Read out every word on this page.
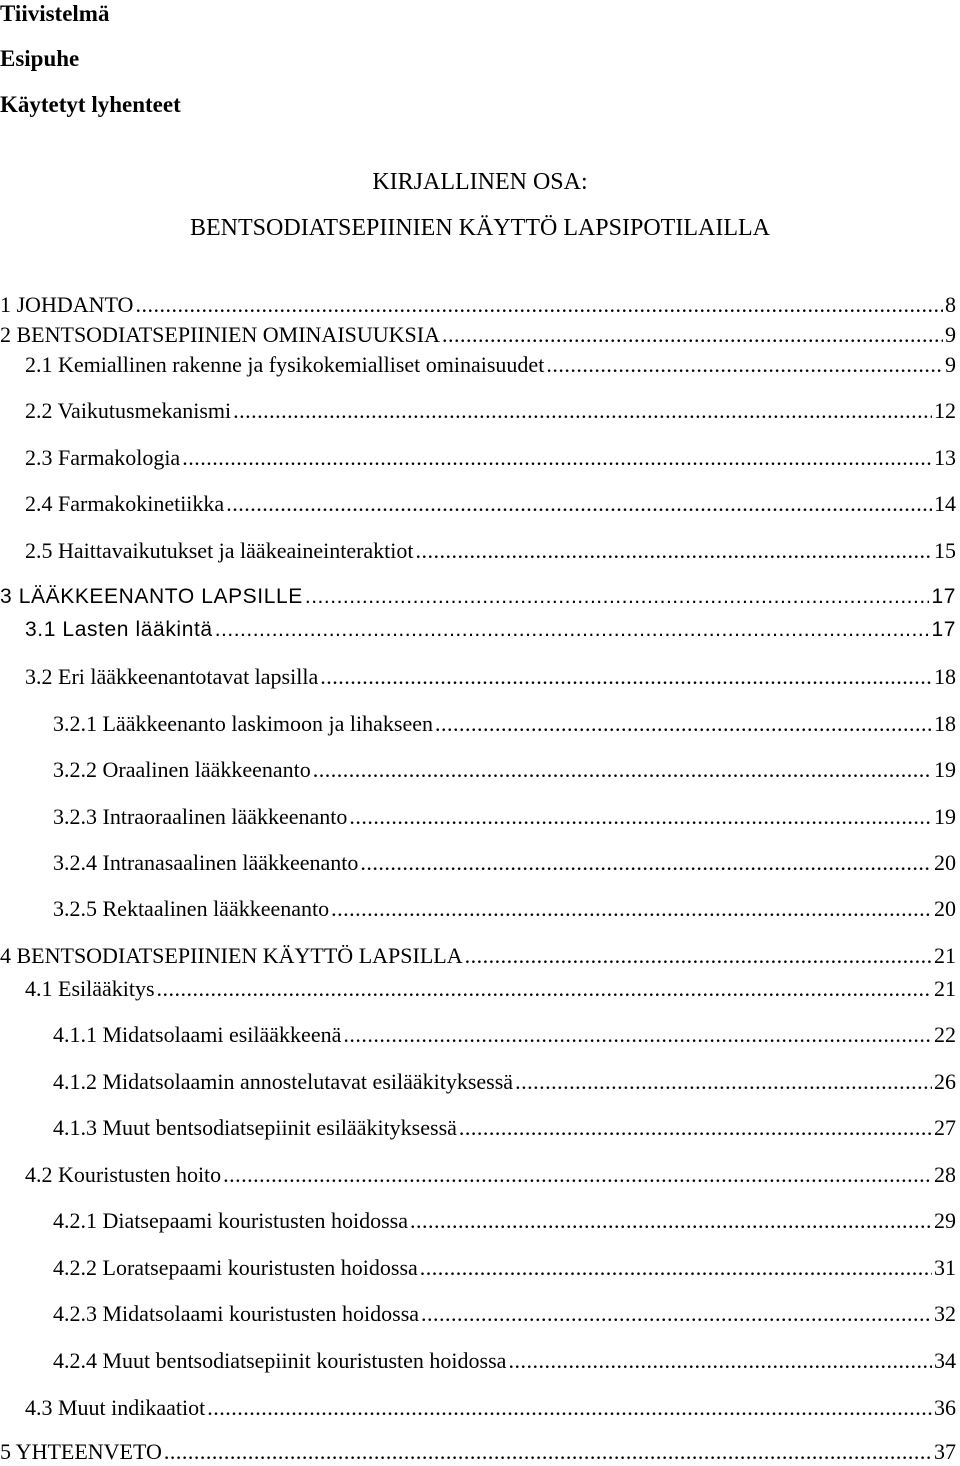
Tiivistelmä
Esipuhe
Käytetyt lyhenteet
KIRJALLINEN OSA:
BENTSODIATSEPIINIEN KÄYTTÖ LAPSIPOTILAILLA
1 JOHDANTO .....	8
2 BENTSODIATSEPIINIEN OMINAISUUKSIA .....	9
2.1 Kemiallinen rakenne ja fysikokemialliset ominaisuudet .....	9
2.2 Vaikutusmekanismi .....	12
2.3 Farmakologia .....	13
2.4 Farmakokinetiikka .....	14
2.5 Haittavaikutukset ja lääkeaineinteraktiot .....	15
3 LÄÄKKEENANTO LAPSILLE .....	17
3.1 Lasten lääkintä .....	17
3.2 Eri lääkkeenantotavat lapsilla .....	18
3.2.1 Lääkkeenanto laskimoon ja lihakseen .....	18
3.2.2 Oraalinen lääkkeenanto .....	19
3.2.3 Intraoraalinen lääkkeenanto .....	19
3.2.4 Intranasaalinen lääkkeenanto .....	20
3.2.5 Rektaalinen lääkkeenanto .....	20
4 BENTSODIATSEPIINIEN KÄYTTÖ LAPSILLA .....	21
4.1 Esilääkitys .....	21
4.1.1 Midatsolaami esilääkkeenä .....	22
4.1.2 Midatsolaamin annostelutavat esilääkityksessä .....	26
4.1.3 Muut bentsodiatsepiinit esilääkityksessä .....	27
4.2 Kouristusten hoito .....	28
4.2.1 Diatsepaami kouristusten hoidossa .....	29
4.2.2 Loratsepaami kouristusten hoidossa .....	31
4.2.3 Midatsolaami kouristusten hoidossa .....	32
4.2.4 Muut bentsodiatsepiinit kouristusten hoidossa .....	34
4.3 Muut indikaatiot .....	36
5 YHTEENVETO .....	37
